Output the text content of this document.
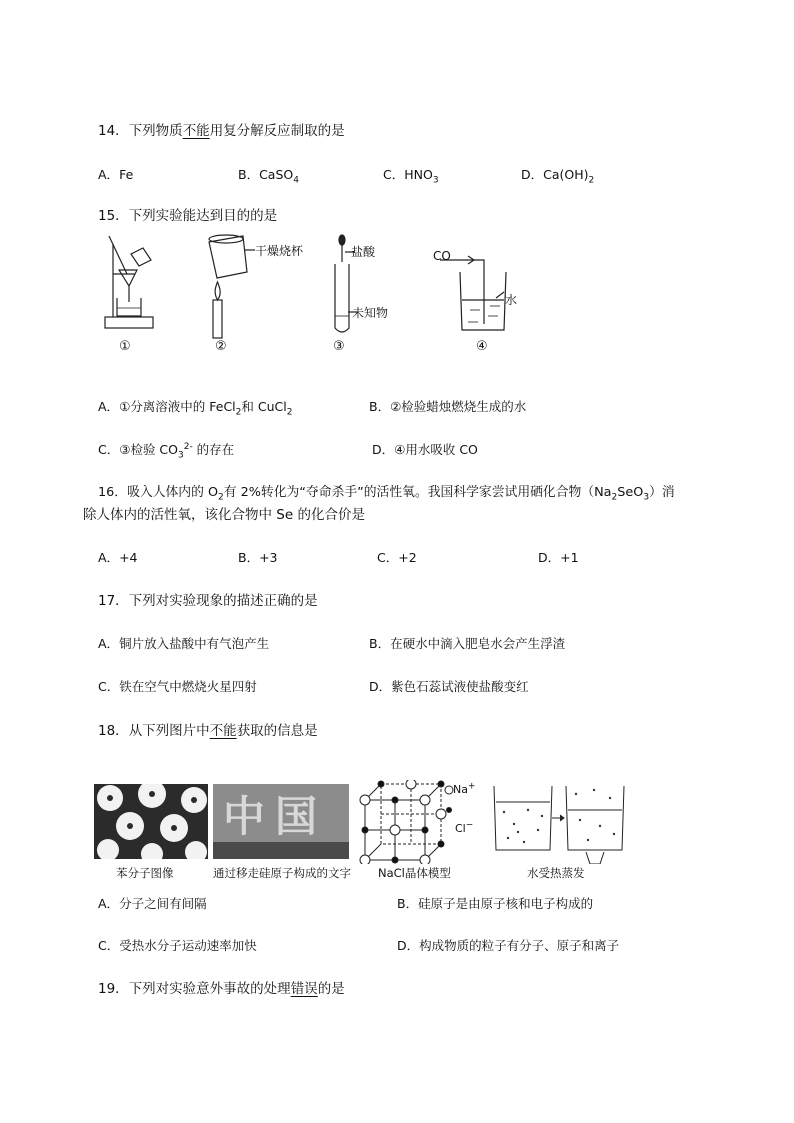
14．下列物质不能用复分解反应制取的是
A．Fe	B．CaSO$_4$	C．$HNO_3$	D．$Ca(OH)_2$
15．下列实验能达到目的的是
干燥烧杯	盐酸
未知物
CO
水
①	②	③	④
A．①分离溶液中的 FeCl$_2$和 CuCl$_2$	B．②检验蜡烛燃烧生成的水
C．③检验 $CO_3^{2-}$ 的存在	D．④用水吸收 CO
16．吸入人体内的 $O_2$有 2%转化为“夺命杀手”的活性氧。我国科学家尝试用硒化合物$(Na_2SeO_3)$消
除人体内的活性氧，该化合物中 Se 的化合价是
A．+4	B．+3	C．+2	D．+1
17．下列对实验现象的描述正确的是
A．铜片放入盐酸中有气泡产生	B．在硬水中滴入肥皂水会产生浮渣
C．铁在空气中燃烧火星四射	D．紫色石蕊试液使盐酸变红
18．从下列图片中不能获取的信息是
中国
Na+
Cl−
苯分子图像	通过移走硅原子构成的文字 NaCl晶体模型	水受热蒸发
A．分子之间有间隔	B．硅原子是由原子核和电子构成的
C．受热水分子运动速率加快	D．构成物质的粒子有分子、原子和离子
19．下列对实验意外事故的处理错误的是
